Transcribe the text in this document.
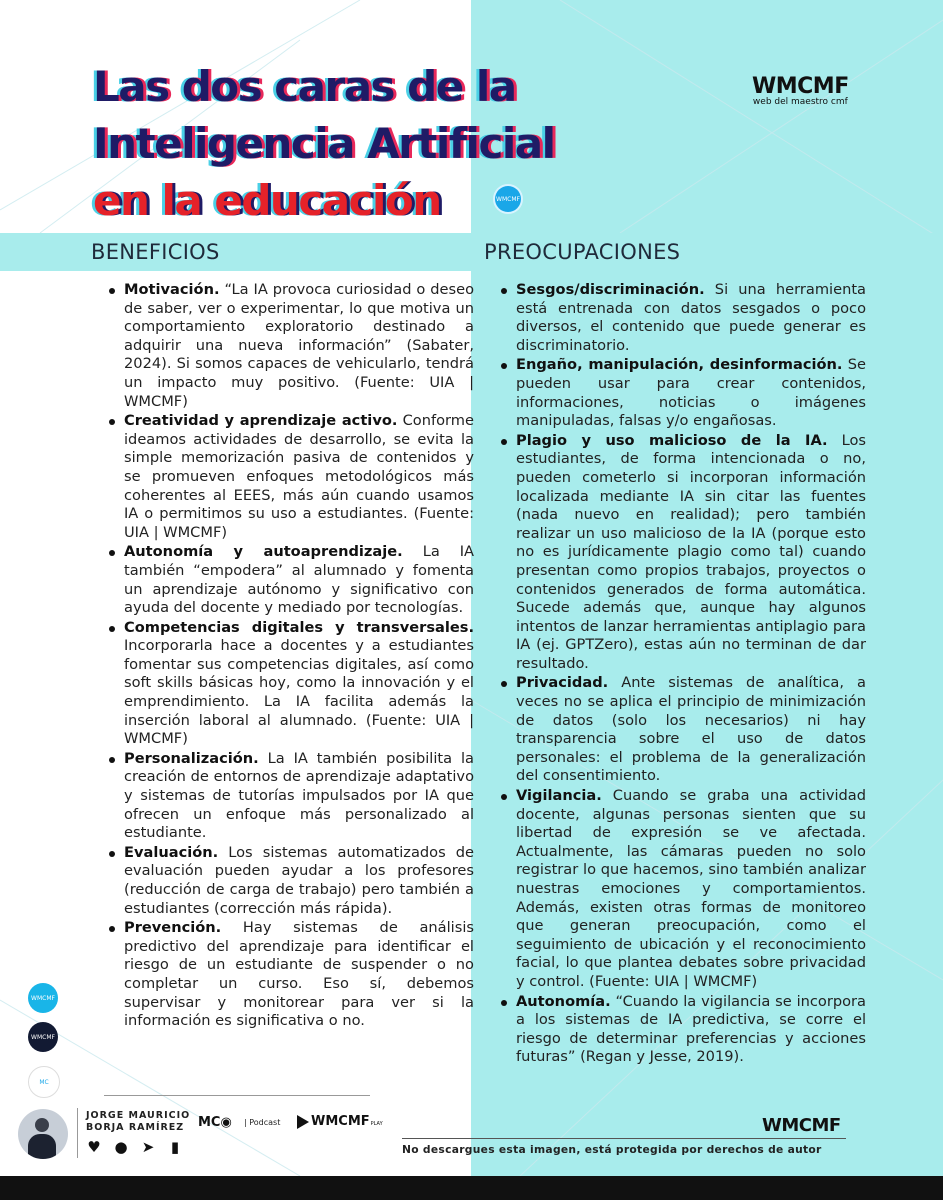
Las dos caras de la
Inteligencia Artificial
en la educación	WMCMF
WMCMF
web del maestro cmf
BENEFICIOS	PREOCUPACIONES
Motivación. “La IA provoca curiosidad o deseo de saber, ver o experimentar, lo que motiva un comportamiento exploratorio destinado a adquirir una nueva información” (Sabater, 2024). Si somos capaces de vehicularlo, tendrá un impacto muy positivo. (Fuente: UIA | WMCMF)
Creatividad y aprendizaje activo. Conforme ideamos actividades de desarrollo, se evita la simple memorización pasiva de contenidos y se promueven enfoques metodológicos más coherentes al EEES, más aún cuando usamos IA o permitimos su uso a estudiantes. (Fuente: UIA | WMCMF)
Autonomía y autoaprendizaje. La IA también “empodera” al alumnado y fomenta un aprendizaje autónomo y significativo con ayuda del docente y mediado por tecnologías.
Competencias digitales y transversales. Incorporarla hace a docentes y a estudiantes fomentar sus competencias digitales, así como soft skills básicas hoy, como la innovación y el emprendimiento. La IA facilita además la inserción laboral al alumnado. (Fuente: UIA | WMCMF)
Personalización. La IA también posibilita la creación de entornos de aprendizaje adaptativo y sistemas de tutorías impulsados por IA que ofrecen un enfoque más personalizado al estudiante.
Evaluación. Los sistemas automatizados de evaluación pueden ayudar a los profesores (reducción de carga de trabajo) pero también a estudiantes (corrección más rápida).
Prevención. Hay sistemas de análisis predictivo del aprendizaje para identificar el riesgo de un estudiante de suspender o no completar un curso. Eso sí, debemos supervisar y monitorear para ver si la información es significativa o no.
Sesgos/discriminación. Si una herramienta está entrenada con datos sesgados o poco diversos, el contenido que puede generar es discriminatorio.
Engaño, manipulación, desinformación. Se pueden usar para crear contenidos, informaciones, noticias o imágenes manipuladas, falsas y/o engañosas.
Plagio y uso malicioso de la IA. Los estudiantes, de forma intencionada o no, pueden cometerlo si incorporan información localizada mediante IA sin citar las fuentes (nada nuevo en realidad); pero también realizar un uso malicioso de la IA (porque esto no es jurídicamente plagio como tal) cuando presentan como propios trabajos, proyectos o contenidos generados de forma automática. Sucede además que, aunque hay algunos intentos de lanzar herramientas antiplagio para IA (ej. GPTZero), estas aún no terminan de dar resultado.
Privacidad. Ante sistemas de analítica, a veces no se aplica el principio de minimización de datos (solo los necesarios) ni hay transparencia sobre el uso de datos personales: el problema de la generalización del consentimiento.
Vigilancia. Cuando se graba una actividad docente, algunas personas sienten que su libertad de expresión se ve afectada. Actualmente, las cámaras pueden no solo registrar lo que hacemos, sino también analizar nuestras emociones y comportamientos. Además, existen otras formas de monitoreo que generan preocupación, como el seguimiento de ubicación y el reconocimiento facial, lo que plantea debates sobre privacidad y control. (Fuente: UIA | WMCMF)
Autonomía. “Cuando la vigilancia se incorpora a los sistemas de IA predictiva, se corre el riesgo de determinar preferencias y acciones futuras” (Regan y Jesse, 2019).
WMCMF
WMCMF
MC
JORGE MAURICIO
BORJA RAMÍREZ
♥ ● ➤ ▮
MC◉ | Podcast	WMCMFPLAY	WMCMF
No descargues esta imagen, está protegida por derechos de autor
